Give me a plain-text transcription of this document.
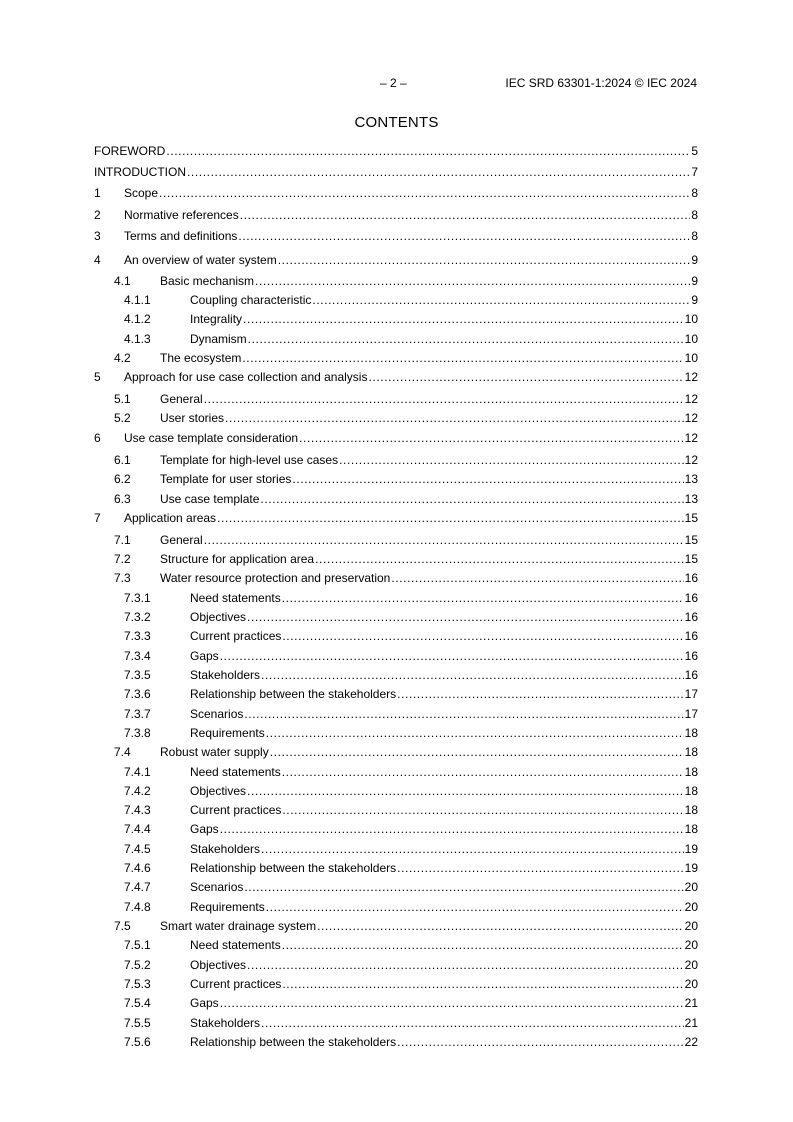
– 2 –	IEC SRD 63301-1:2024 © IEC 2024
CONTENTS
FOREWORD .....	5
INTRODUCTION .....	7
1	Scope .....	8
2	Normative references .....	8
3	Terms and definitions .....	8
4	An overview of water system .....	9
4.1	Basic mechanism .....	9
4.1.1	Coupling characteristic .....	9
4.1.2	Integrality .....	10
4.1.3	Dynamism .....	10
4.2	The ecosystem .....	10
5	Approach for use case collection and analysis .....	12
5.1	General .....	12
5.2	User stories .....	12
6	Use case template consideration .....	12
6.1	Template for high-level use cases .....	12
6.2	Template for user stories .....	13
6.3	Use case template .....	13
7	Application areas .....	15
7.1	General .....	15
7.2	Structure for application area .....	15
7.3	Water resource protection and preservation .....	16
7.3.1	Need statements .....	16
7.3.2	Objectives .....	16
7.3.3	Current practices .....	16
7.3.4	Gaps .....	16
7.3.5	Stakeholders .....	16
7.3.6	Relationship between the stakeholders .....	17
7.3.7	Scenarios .....	17
7.3.8	Requirements .....	18
7.4	Robust water supply .....	18
7.4.1	Need statements .....	18
7.4.2	Objectives .....	18
7.4.3	Current practices .....	18
7.4.4	Gaps .....	18
7.4.5	Stakeholders .....	19
7.4.6	Relationship between the stakeholders .....	19
7.4.7	Scenarios .....	20
7.4.8	Requirements .....	20
7.5	Smart water drainage system .....	20
7.5.1	Need statements .....	20
7.5.2	Objectives .....	20
7.5.3	Current practices .....	20
7.5.4	Gaps .....	21
7.5.5	Stakeholders .....	21
7.5.6	Relationship between the stakeholders .....	22
